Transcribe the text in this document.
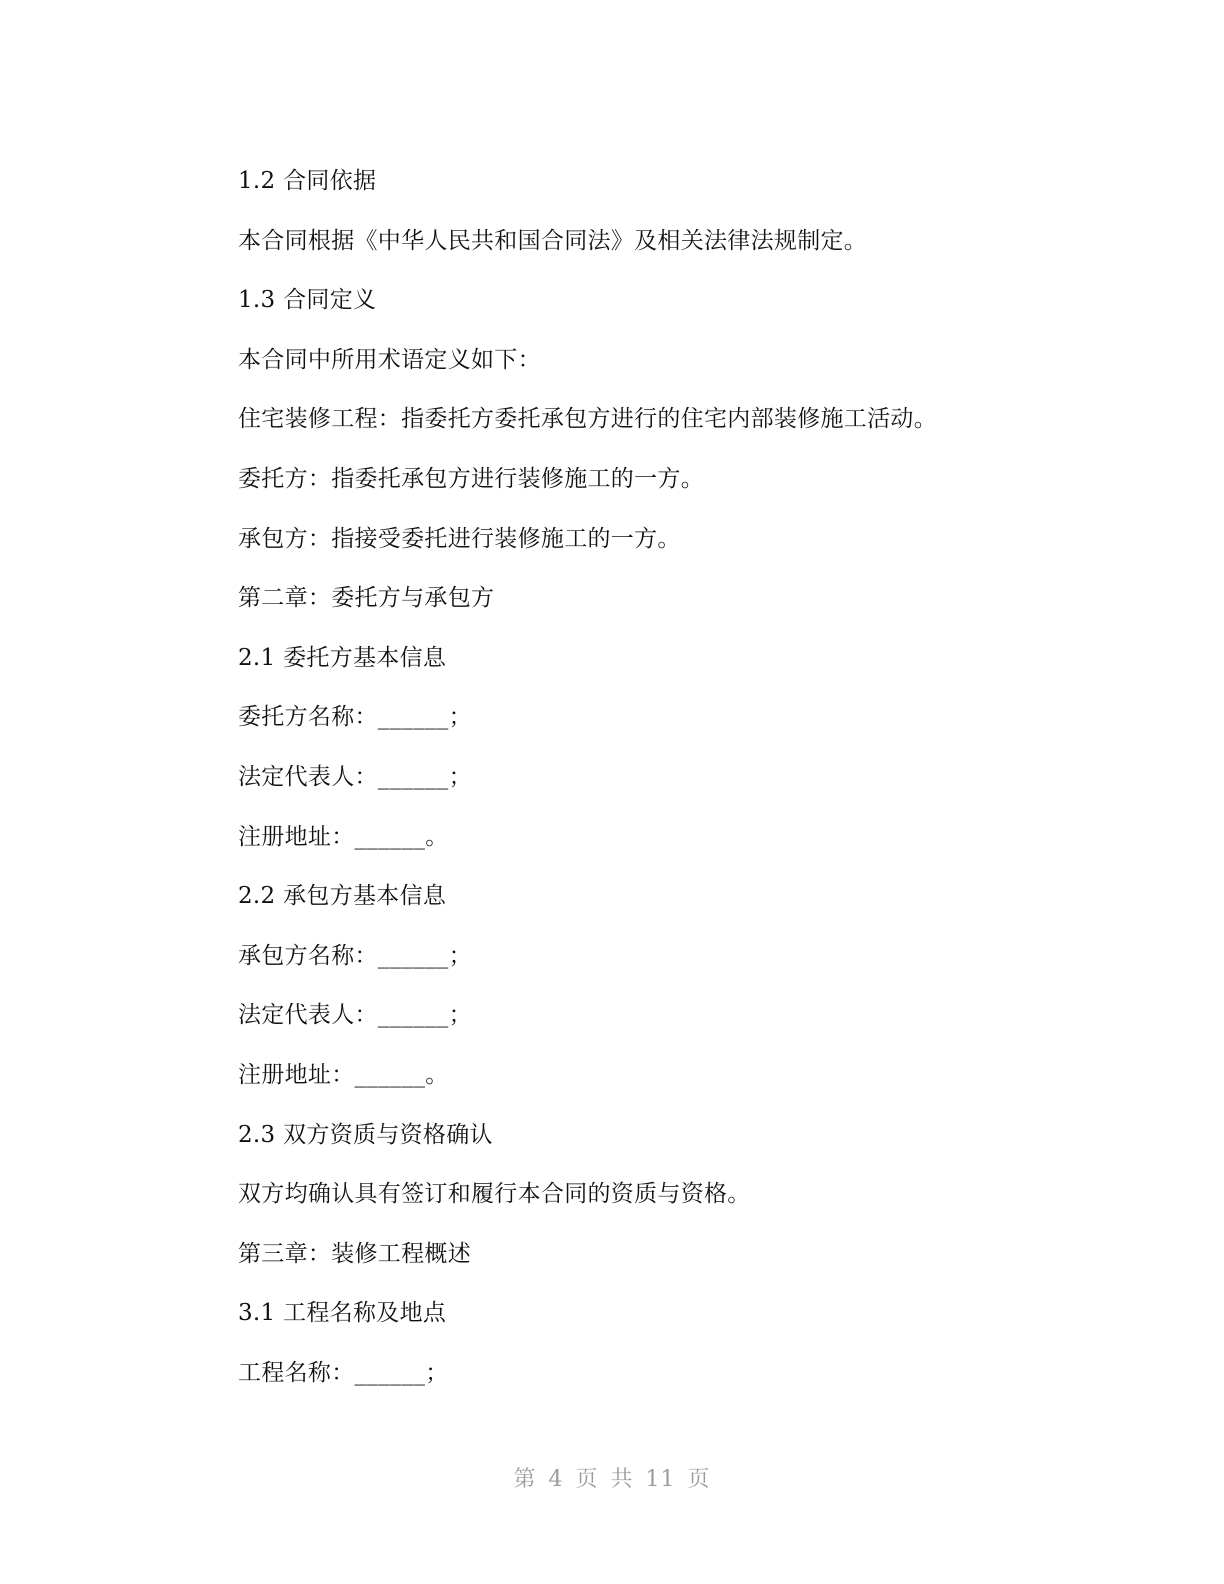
1.2 合同依据
本合同根据《中华人民共和国合同法》及相关法律法规制定。
1.3 合同定义
本合同中所用术语定义如下：
住宅装修工程：指委托方委托承包方进行的住宅内部装修施工活动。
委托方：指委托承包方进行装修施工的一方。
承包方：指接受委托进行装修施工的一方。
第二章：委托方与承包方
2.1 委托方基本信息
委托方名称：______；
法定代表人：______；
注册地址：______。
2.2 承包方基本信息
承包方名称：______；
法定代表人：______；
注册地址：______。
2.3 双方资质与资格确认
双方均确认具有签订和履行本合同的资质与资格。
第三章：装修工程概述
3.1 工程名称及地点
工程名称：______；
第 4 页 共 11 页
